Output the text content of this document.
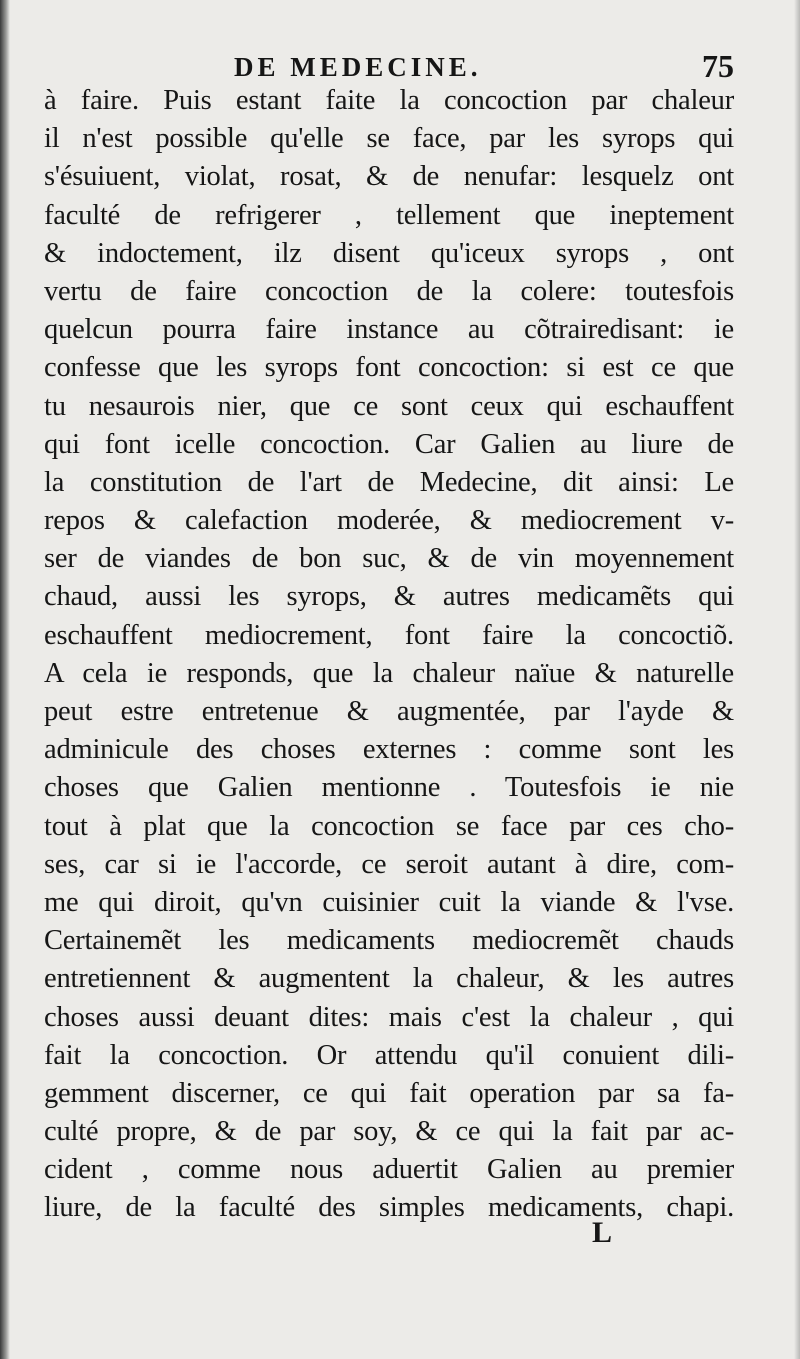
DE MEDECINE.	75
à faire. Puis estant faite la concoction par chaleur
il n'est possible qu'elle se face, par les syrops qui
s'ésuiuent, violat, rosat, & de nenufar: lesquelz ont
faculté de refrigerer , tellement que ineptement
& indoctement, ilz disent qu'iceux syrops , ont
vertu de faire concoction de la colere: toutesfois
quelcun pourra faire instance au cõtrairedisant: ie
confesse que les syrops font concoction: si est ce que
tu nesaurois nier, que ce sont ceux qui eschauffent
qui font icelle concoction. Car Galien au liure de
la constitution de l'art de Medecine, dit ainsi: Le
repos & calefaction moderée, & mediocrement v-
ser de viandes de bon suc, & de vin moyennement
chaud, aussi les syrops, & autres medicamẽts qui
eschauffent mediocrement, font faire la concoctiõ.
A cela ie responds, que la chaleur naïue & naturelle
peut estre entretenue & augmentée, par l'ayde &
adminicule des choses externes : comme sont les
choses que Galien mentionne . Toutesfois ie nie
tout à plat que la concoction se face par ces cho-
ses, car si ie l'accorde, ce seroit autant à dire, com-
me qui diroit, qu'vn cuisinier cuit la viande & l'vse.
Certainemẽt les medicaments mediocremẽt chauds
entretiennent & augmentent la chaleur, & les autres
choses aussi deuant dites: mais c'est la chaleur , qui
fait la concoction. Or attendu qu'il conuient dili-
gemment discerner, ce qui fait operation par sa fa-
culté propre, & de par soy, & ce qui la fait par ac-
cident , comme nous aduertit Galien au premier
liure, de la faculté des simples medicaments, chapi.
L
